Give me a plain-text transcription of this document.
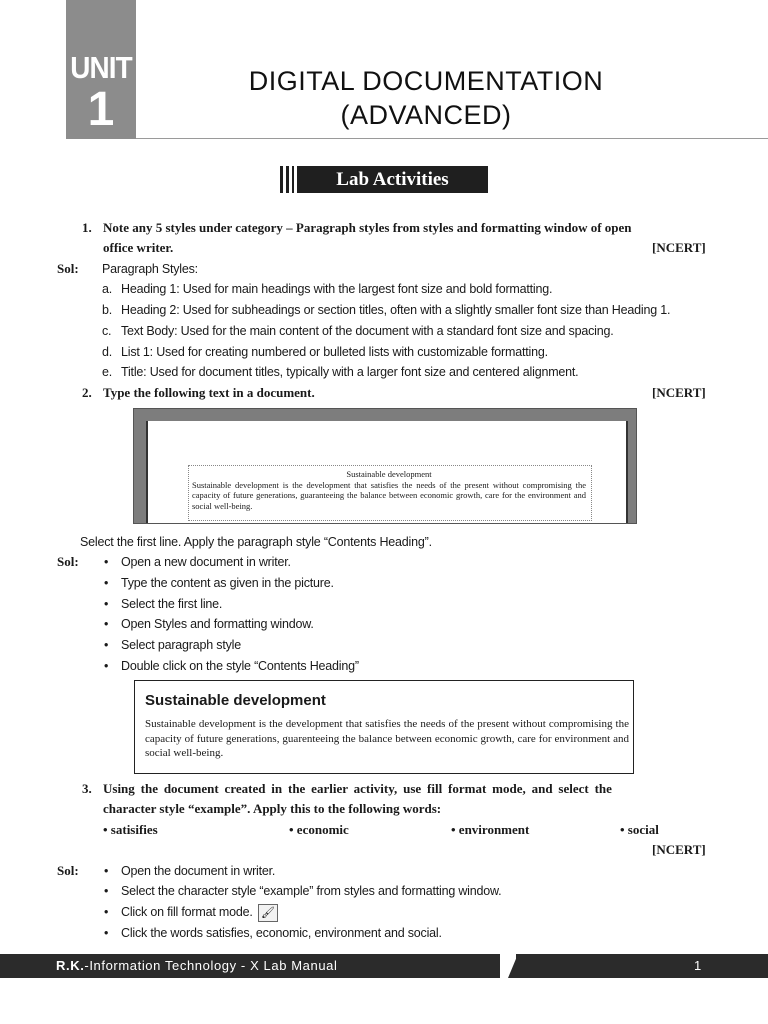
UNIT
1
DIGITAL DOCUMENTATION
(ADVANCED)
Lab Activities
1. Note any 5 styles under category – Paragraph styles from styles and formatting window of open
office writer.	[NCERT]
Sol: Paragraph Styles:
a. Heading 1: Used for main headings with the largest font size and bold formatting.
b. Heading 2: Used for subheadings or section titles, often with a slightly smaller font size than Heading 1.
c. Text Body: Used for the main content of the document with a standard font size and spacing.
d. List 1: Used for creating numbered or bulleted lists with customizable formatting.
e. Title: Used for document titles, typically with a larger font size and centered alignment.
2. Type the following text in a document.	[NCERT]
Sustainable development
Sustainable development is the development that satisfies the needs of the present without compromising the capacity of future generations, guaranteeing the balance between economic growth, care for the environment and social well-being.
Select the first line. Apply the paragraph style “Contents Heading”.
Sol: • Open a new document in writer.
• Type the content as given in the picture.
• Select the first line.
• Open Styles and formatting window.
• Select paragraph style
• Double click on the style “Contents Heading”
Sustainable development
Sustainable development is the development that satisfies the needs of the present without compromising the capacity of future generations, guarenteeing the balance between economic growth, care for environment and social well-being.
3. Using the document created in the earlier activity, use fill format mode, and select the
character style “example”. Apply this to the following words:
• satisifies	• economic	• environment	• social
[NCERT]
Sol: • Open the document in writer.
• Select the character style “example” from styles and formatting window.
• Click on fill format mode. 🖌
• Click the words satisfies, economic, environment and social.
R.K.-Information Technology - X Lab Manual	1
